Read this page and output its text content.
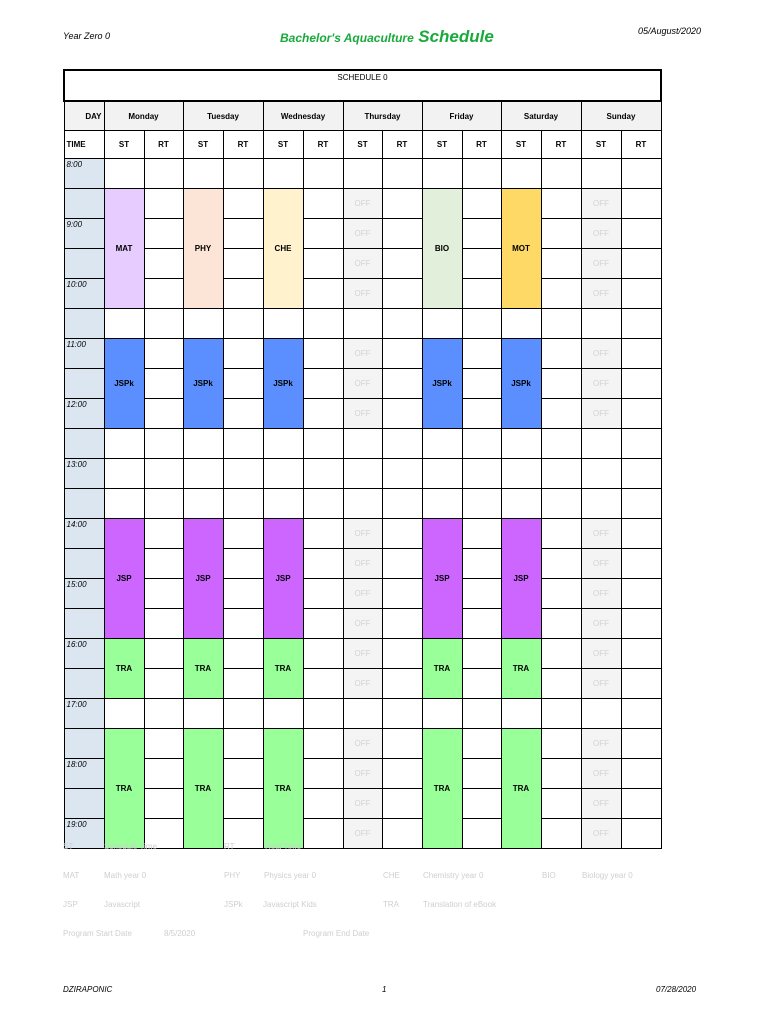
Year Zero 0	Bachelor's Aquaculture Schedule	05/August/2020
SCHEDULE 0														
DAY	Monday		Tuesday		Wednesday		Thursday		Friday		Saturday		Sunday	
TIME	ST	RT	ST	RT	ST	RT	ST	RT	ST	RT	ST	RT	ST	RT
8:00														
	MAT		PHY		CHE		OFF		BIO		MOT		OFF	
9:00							OFF						OFF	
							OFF						OFF	
10:00							OFF						OFF	

11:00	JSPk		JSPk		JSPk		OFF		JSPk		JSPk		OFF	
							OFF						OFF	
12:00							OFF						OFF	

13:00														

14:00	JSP		JSP		JSP		OFF		JSP		JSP		OFF	
							OFF						OFF	
15:00							OFF						OFF	
							OFF						OFF	
16:00	TRA		TRA		TRA		OFF		TRA		TRA		OFF	
							OFF						OFF	
17:00														
	TRA		TRA		TRA		OFF		TRA		TRA		OFF	
18:00							OFF						OFF	
							OFF						OFF	
19:00							OFF						OFF	
ST	Schedule Time	RT	Real Time
MAT	Math year 0	PHY	Physics year 0	CHE	Chemistry year 0	BIO	Biology year 0
JSP	Javascript	JSPk	Javascript Kids	TRA	Translation of eBook
Program Start Date	8/5/2020	Program End Date
DZIRAPONIC	1	07/28/2020
